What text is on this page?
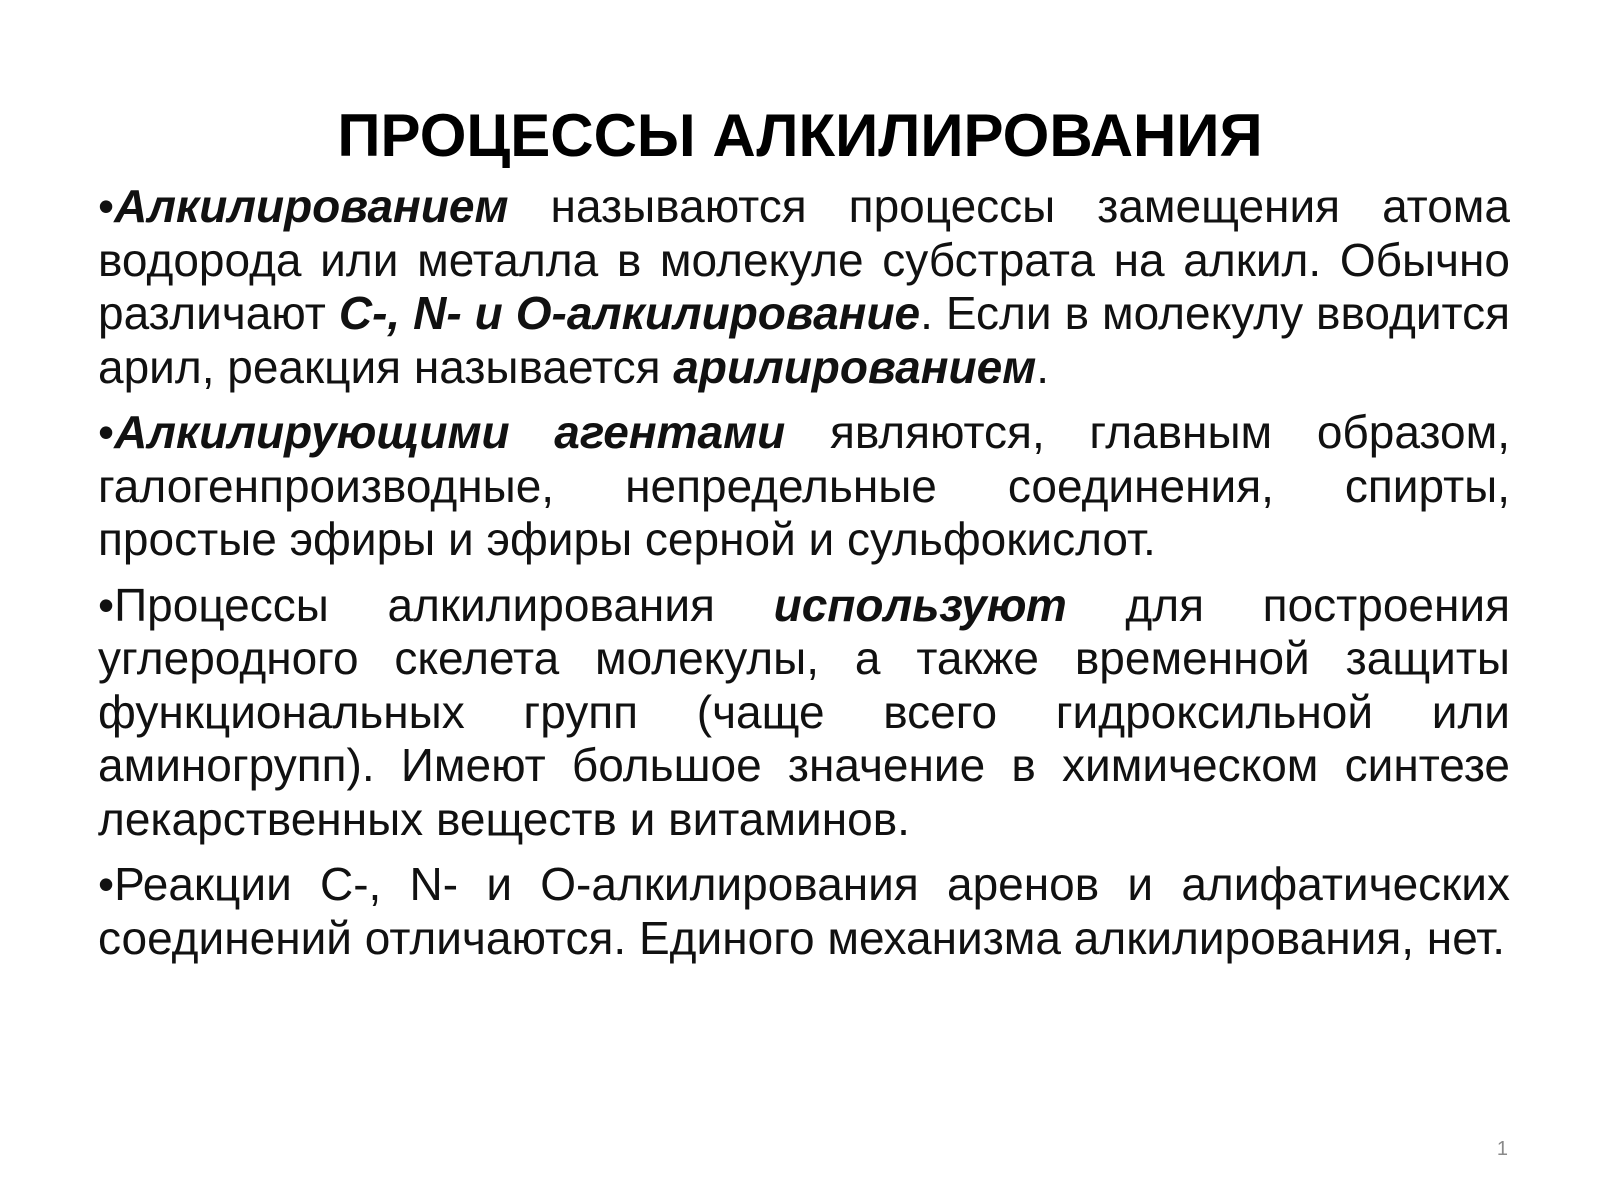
ПРОЦЕССЫ АЛКИЛИРОВАНИЯ

•Алкилированием называются процессы замещения атома водорода или металла в молекуле субстрата на алкил. Обычно различают С-, N- и О-алкилирование. Если в молекулу вводится арил, реакция называется арилированием.

•Алкилирующими агентами являются, главным образом, галогенпроизводные, непредельные соединения, спирты, простые эфиры и эфиры серной и сульфокислот.

•Процессы алкилирования используют для построения углеродного скелета молекулы, а также временной защиты функциональных групп (чаще всего гидроксильной или аминогрупп). Имеют большое значение в химическом синтезе лекарственных веществ и витаминов.

•Реакции С-, N- и О-алкилирования аренов и алифатических соединений отличаются. Единого механизма алкилирования, нет.

1
